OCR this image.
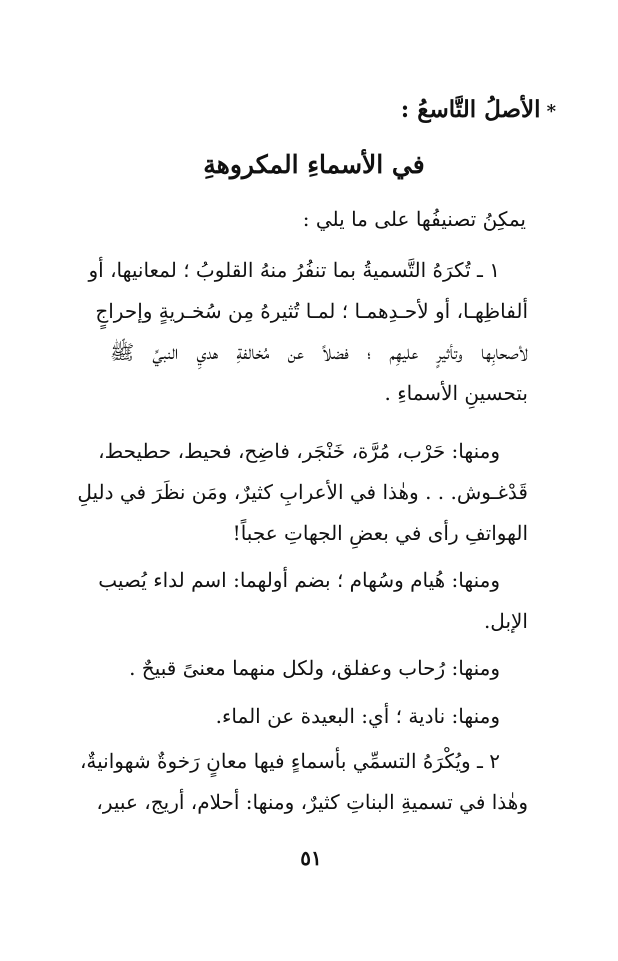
*الأصلُ التَّاسعُ :
في الأسماءِ المكروهةِ
يمكِنُ تصنيفُها على ما يلي :
١ ـ تُكرَهُ التَّسميةُ بما تنفُرُ منهُ القلوبُ ؛ لمعانيها، أو
ألفاظِهـا، أو لأحـدِهمـا ؛ لمـا تُثيرهُ مِن سُخـريةٍ وإحراجٍ
لأصحابِها وتأثيرٍ عليهِم ؛ فضلاً عن مُخالفةِ هديِ النبيِّ ﷺ
بتحسينِ الأسماءِ .
ومنها: حَرْب، مُرَّة، خَنْجَر، فاضِح، فحيط، حطيحط،
قَدْغـوش. . . وهٰذا في الأعرابِ كثيرٌ، ومَن نظَرَ في دليلِ
الهواتفِ رأى في بعضِ الجهاتِ عجباً!
ومنها: هُيام وسُهام ؛ بضم أولهما: اسم لداء يُصيب
الإبل.
ومنها: رُحاب وعفلق، ولكل منهما معنىً قبيحٌ .
ومنها: نادية ؛ أي: البعيدة عن الماء.
٢ ـ ويُكْرَهُ التسمِّي بأسماءٍ فيها معانٍ رَخوةٌ شهوانيةٌ،
وهٰذا في تسميةِ البناتِ كثيرٌ، ومنها: أحلام، أريج، عبير،
٥١
